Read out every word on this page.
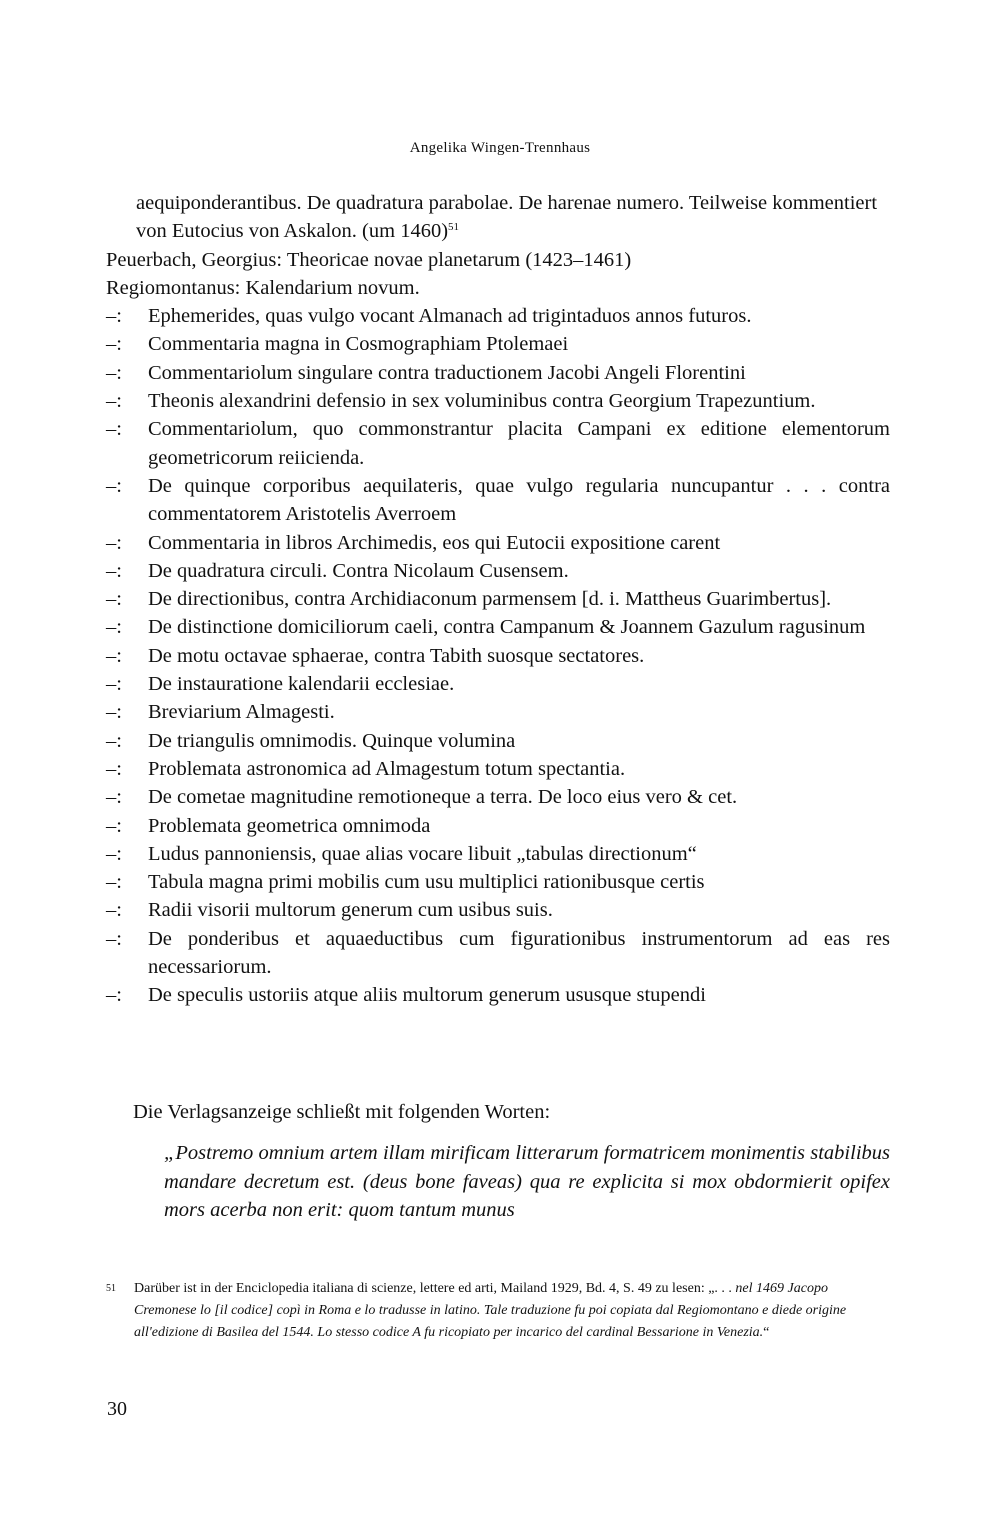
Angelika Wingen-Trennhaus
aequiponderantibus. De quadratura parabolae. De harenae numero. Teilweise kommentiert von Eutocius von Askalon. (um 1460)$^{51}$
Peuerbach, Georgius: Theoricae novae planetarum (1423–1461)
Regiomontanus: Kalendarium novum.
–: Ephemerides, quas vulgo vocant Almanach ad trigintaduos annos futuros.
–: Commentaria magna in Cosmographiam Ptolemaei
–: Commentariolum singulare contra traductionem Jacobi Angeli Florentini
–: Theonis alexandrini defensio in sex voluminibus contra Georgium Trapezuntium.
–: Commentariolum, quo commonstrantur placita Campani ex editione elementorum geometricorum reiicienda.
–: De quinque corporibus aequilateris, quae vulgo regularia nuncupantur . . . contra commentatorem Aristotelis Averroem
–: Commentaria in libros Archimedis, eos qui Eutocii expositione carent
–: De quadratura circuli. Contra Nicolaum Cusensem.
–: De directionibus, contra Archidiaconum parmensem [d. i. Mattheus Guarimbertus].
–: De distinctione domiciliorum caeli, contra Campanum & Joannem Gazulum ragusinum
–: De motu octavae sphaerae, contra Tabith suosque sectatores.
–: De instauratione kalendarii ecclesiae.
–: Breviarium Almagesti.
–: De triangulis omnimodis. Quinque volumina
–: Problemata astronomica ad Almagestum totum spectantia.
–: De cometae magnitudine remotioneque a terra. De loco eius vero & cet.
–: Problemata geometrica omnimoda
–: Ludus pannoniensis, quae alias vocare libuit „tabulas directionum“
–: Tabula magna primi mobilis cum usu multiplici rationibusque certis
–: Radii visorii multorum generum cum usibus suis.
–: De ponderibus et aquaeductibus cum figurationibus instrumentorum ad eas res necessariorum.
–: De speculis ustoriis atque aliis multorum generum ususque stupendi
Die Verlagsanzeige schließt mit folgenden Worten:
„Postremo omnium artem illam mirificam litterarum formatricem monimentis stabilibus mandare decretum est. (deus bone faveas) qua re explicita si mox obdormierit opifex mors acerba non erit: quom tantum munus
51	Darüber ist in der Enciclopedia italiana di scienze, lettere ed arti, Mailand 1929, Bd. 4, S. 49 zu lesen: „. . . nel 1469 Jacopo Cremonese lo [il codice] copì in Roma e lo tradusse in latino. Tale traduzione fu poi copiata dal Regiomontano e diede origine all'edizione di Basilea del 1544. Lo stesso codice A fu ricopiato per incarico del cardinal Bessarione in Venezia.“
30
